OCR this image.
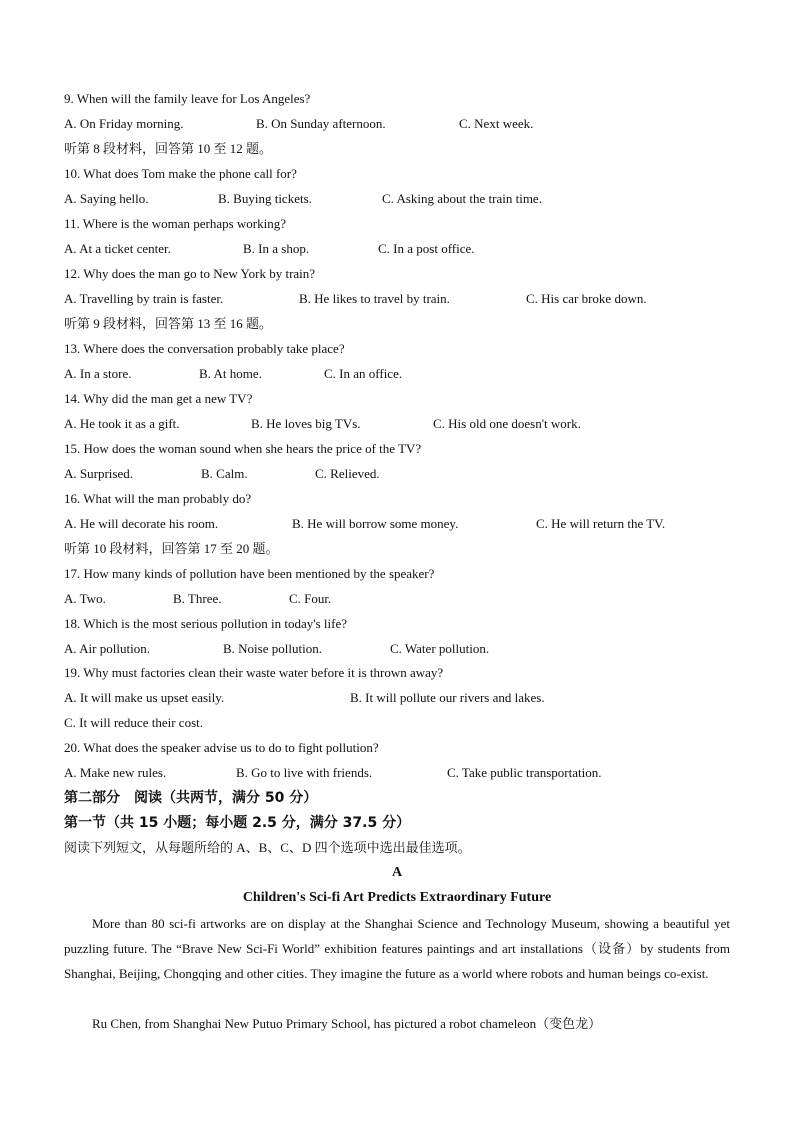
9. When will the family leave for Los Angeles?
A. On Friday morning.	B. On Sunday afternoon.	C. Next week.
听第 8 段材料，回答第 10 至 12 题。
10. What does Tom make the phone call for?
A. Saying hello.	B. Buying tickets.	C. Asking about the train time.
11. Where is the woman perhaps working?
A. At a ticket center.	B. In a shop.	C. In a post office.
12. Why does the man go to New York by train?
A. Travelling by train is faster.	B. He likes to travel by train.	C. His car broke down.
听第 9 段材料，回答第 13 至 16 题。
13. Where does the conversation probably take place?
A. In a store.	B. At home.	C. In an office.
14. Why did the man get a new TV?
A. He took it as a gift.	B. He loves big TVs.	C. His old one doesn't work.
15. How does the woman sound when she hears the price of the TV?
A. Surprised.	B. Calm.	C. Relieved.
16. What will the man probably do?
A. He will decorate his room.	B. He will borrow some money.	C. He will return the TV.
听第 10 段材料，回答第 17 至 20 题。
17. How many kinds of pollution have been mentioned by the speaker?
A. Two.	B. Three.	C. Four.
18. Which is the most serious pollution in today's life?
A. Air pollution.	B. Noise pollution.	C. Water pollution.
19. Why must factories clean their waste water before it is thrown away?
A. It will make us upset easily.	B. It will pollute our rivers and lakes.
C. It will reduce their cost.
20. What does the speaker advise us to do to fight pollution?
A. Make new rules.	B. Go to live with friends.	C. Take public transportation.
第二部分　阅读（共两节，满分 50 分）
第一节（共 15 小题；每小题 2.5 分，满分 37.5 分）
阅读下列短文，从每题所给的 A、B、C、D 四个选项中选出最佳选项。
A
Children's Sci-fi Art Predicts Extraordinary Future
More than 80 sci-fi artworks are on display at the Shanghai Science and Technology Museum, showing a beautiful yet puzzling future. The “Brave New Sci-Fi World” exhibition features paintings and art installations（设备）by students from Shanghai, Beijing, Chongqing and other cities. They imagine the future as a world where robots and human beings co-exist.
Ru Chen, from Shanghai New Putuo Primary School, has pictured a robot chameleon（变色龙）
